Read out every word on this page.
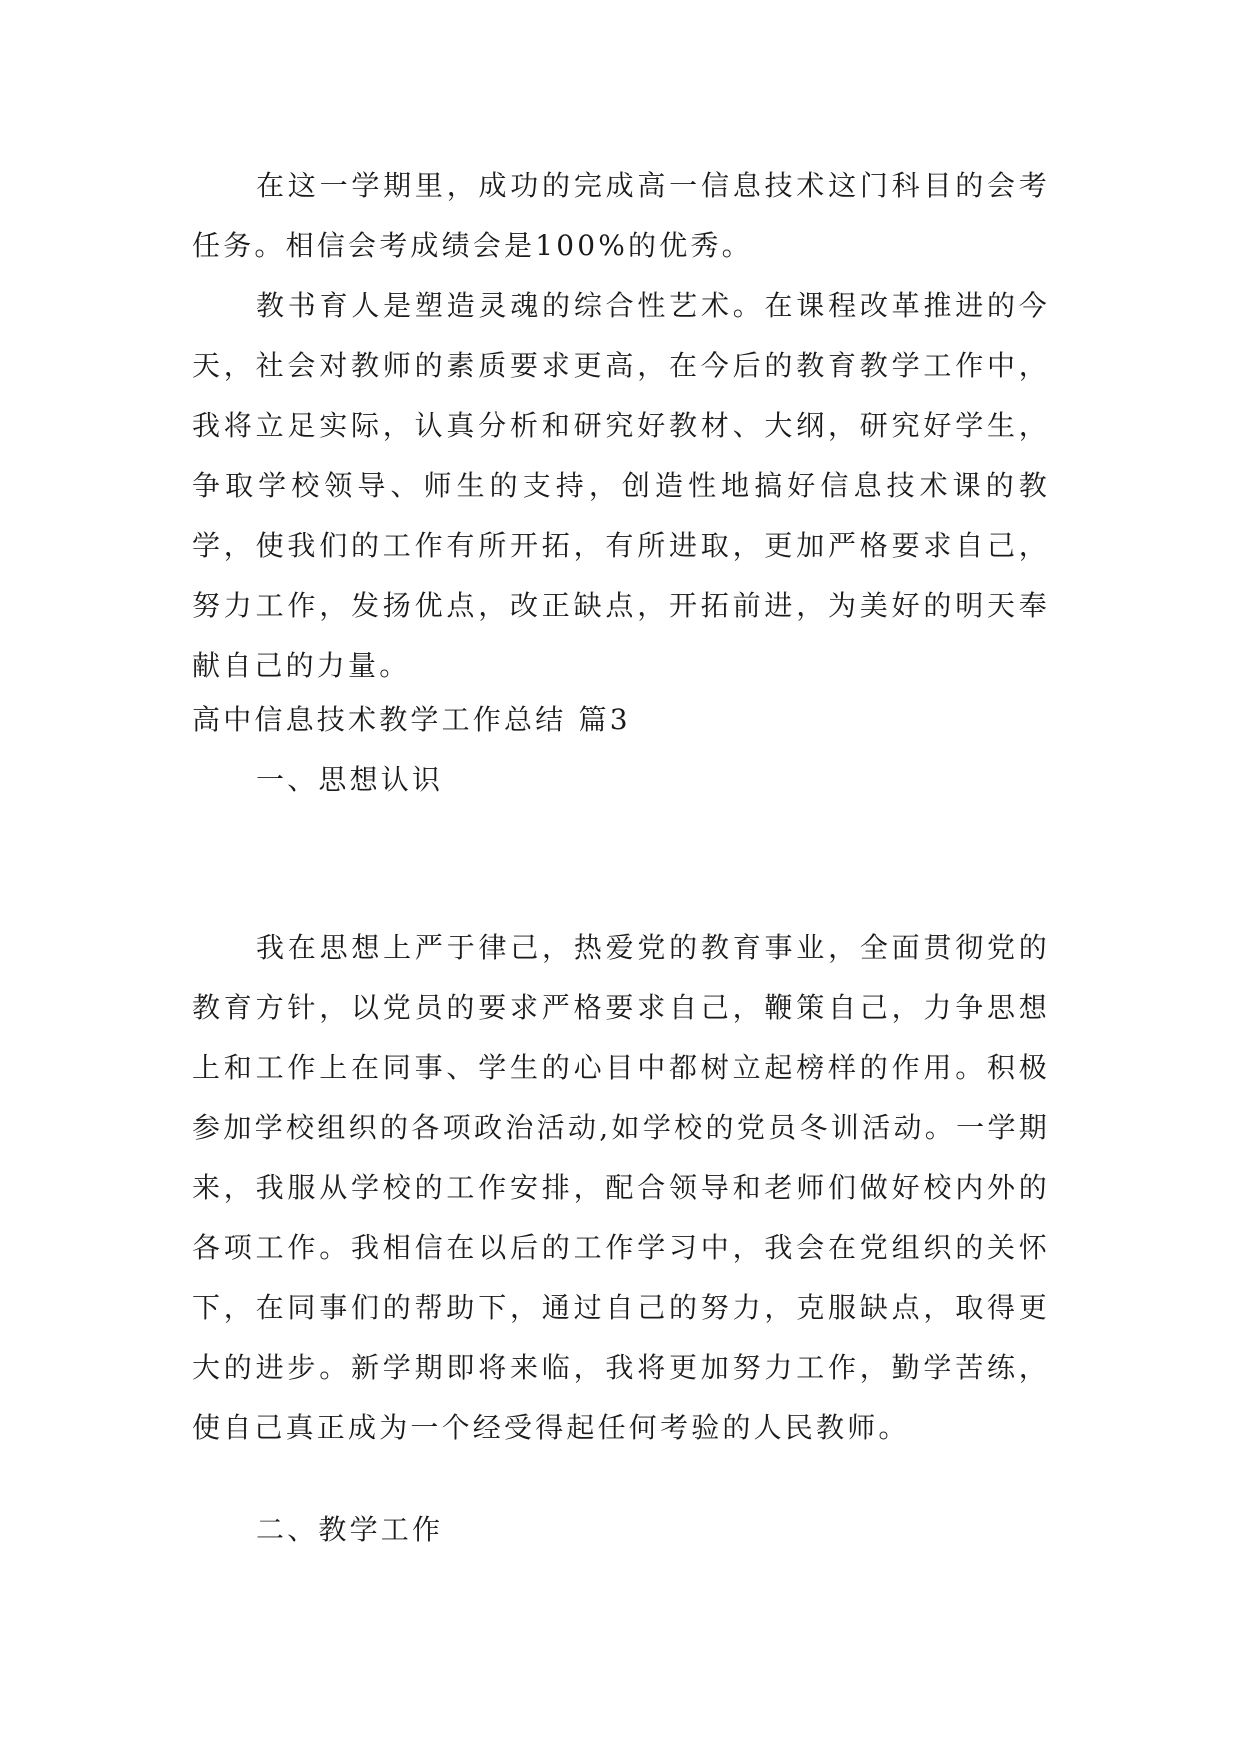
在这一学期里，成功的完成高一信息技术这门科目的会考任务。相信会考成绩会是100%的优秀。

教书育人是塑造灵魂的综合性艺术。在课程改革推进的今天，社会对教师的素质要求更高，在今后的教育教学工作中，我将立足实际，认真分析和研究好教材、大纲，研究好学生，争取学校领导、师生的支持，创造性地搞好信息技术课的教学，使我们的工作有所开拓，有所进取，更加严格要求自己，努力工作，发扬优点，改正缺点，开拓前进，为美好的明天奉献自己的力量。

高中信息技术教学工作总结 篇3

一、思想认识

我在思想上严于律己，热爱党的教育事业，全面贯彻党的教育方针，以党员的要求严格要求自己，鞭策自己，力争思想上和工作上在同事、学生的心目中都树立起榜样的作用。积极参加学校组织的各项政治活动,如学校的党员冬训活动。一学期来，我服从学校的工作安排，配合领导和老师们做好校内外的各项工作。我相信在以后的工作学习中，我会在党组织的关怀下，在同事们的帮助下，通过自己的努力，克服缺点，取得更大的进步。新学期即将来临，我将更加努力工作，勤学苦练，使自己真正成为一个经受得起任何考验的人民教师。

二、教学工作
